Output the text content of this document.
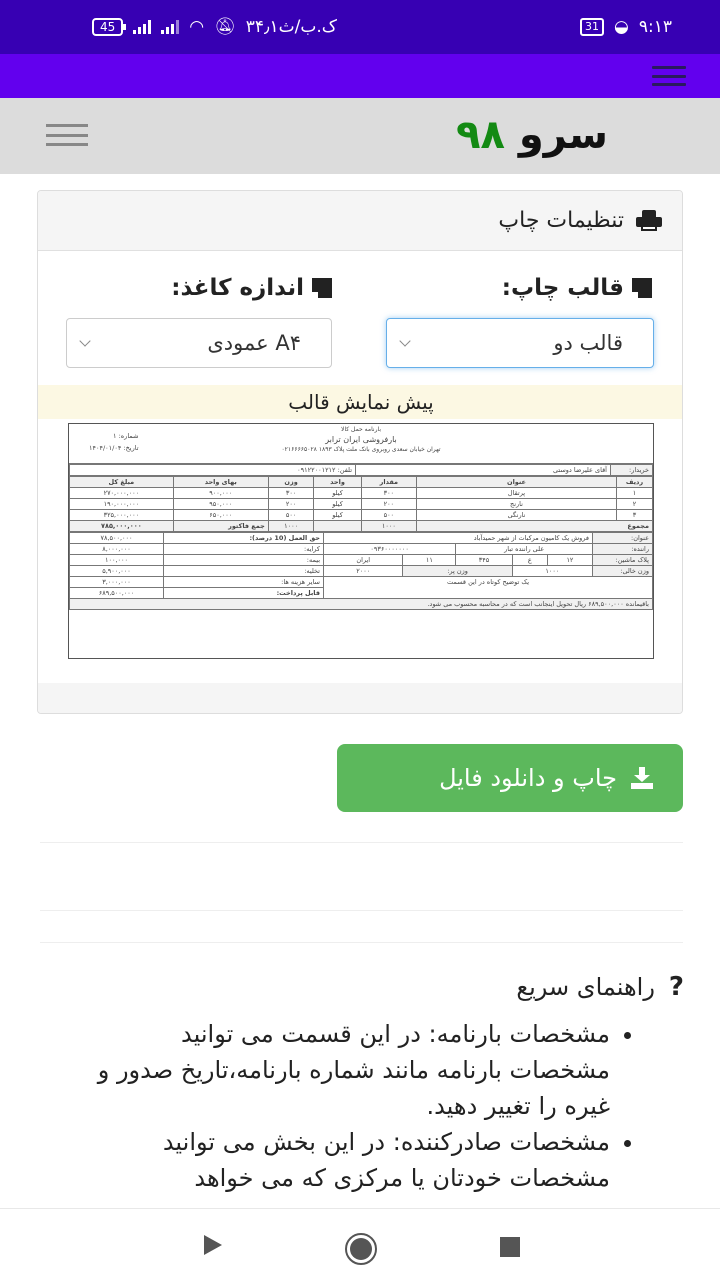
45	◠ 🔕︎ ۳۴٫۱ک.ب/ث	31 ◒ ۹:۱۳
سرو ۹۸
تنظیمات چاپ
قالب چاپ:
اندازه کاغذ:
قالب دو
A۴ عمودی
پیش نمایش قالب
بارنامه حمل کالا
بارفروشی ایران ترابر
تهران خیابان سعدی روبروی بانک ملت پلاک ۱۸۹۳ ۰۲۱۶۶۶۶۵۰۲۸
شماره: ۱
تاریخ: ۱۴۰۴/۰۱/۰۴
خریدار:	آقای علیرضا دوستی	تلفن: ۰۹۱۲۲۰۰۱۲۱۲
ردیف	عنوان	مقدار	واحد	وزن	بهای واحد	مبلغ کل
۱	پرتقال	۳۰۰	کیلو	۳۰۰	۹۰۰,۰۰۰	۲۷۰,۰۰۰,۰۰۰
۲	نارنج	۲۰۰	کیلو	۲۰۰	۹۵۰,۰۰۰	۱۹۰,۰۰۰,۰۰۰
۳	نارنگی	۵۰۰	کیلو	۵۰۰	۶۵۰,۰۰۰	۳۲۵,۰۰۰,۰۰۰
مجموع		۱۰۰۰		۱۰۰۰	جمع فاکتور	۷۸۵,۰۰۰,۰۰۰
عنوان:	فروش یک کامیون مرکبات از شهر حمیدآباد					حق العمل (10 درصد):	۷۸,۵۰۰,۰۰۰
راننده:	علی راننده تبار			۰۹۳۶۰۰۰۰۰۰۰		کرایه:	۸,۰۰۰,۰۰۰
پلاک ماشین:	۱۲	ع	۳۴۵	۱۱	ایران	بیمه:	۱۰۰,۰۰۰
وزن خالی:	۱۰۰۰		وزن پر:		۲۰۰۰	تخلیه:	۵,۹۰۰,۰۰۰
یک توضیح کوتاه در این قسمت						سایر هزینه ها:	۳,۰۰۰,۰۰۰
						قابل پرداخت:	۶۸۹,۵۰۰,۰۰۰
باقیمانده ۶۸۹,۵۰۰,۰۰۰ ریال تحویل اینجانب است که در محاسبه محسوب می شود.							
چاپ و دانلود فایل
?
راهنمای سریع
• مشخصات بارنامه: در این قسمت می توانید مشخصات بارنامه مانند شماره بارنامه،تاریخ صدور و غیره را تغییر دهید.
• مشخصات صادرکننده: در این بخش می توانید مشخصات خودتان یا مرکزی که می خواهد
